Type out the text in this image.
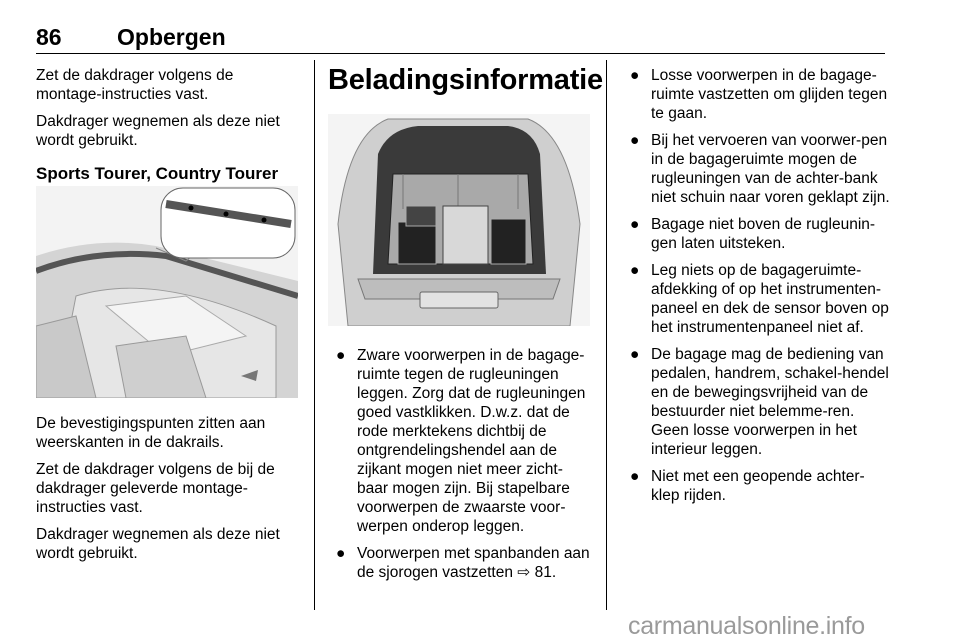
86 Opbergen

Zet de dakdrager volgens de montage-instructies vast.

Dakdrager wegnemen als deze niet wordt gebruikt.

Sports Tourer, Country Tourer

De bevestigingspunten zitten aan weerskanten in de dakrails.

Zet de dakdrager volgens de bij de dakdrager geleverde montage-instructies vast.

Dakdrager wegnemen als deze niet wordt gebruikt.

Beladingsinformatie
● Zware voorwerpen in de bagage-ruimte tegen de rugleuningen leggen. Zorg dat de rugleuningen goed vastklikken. D.w.z. dat de rode merktekens dichtbij de ontgrendelingshendel aan de zijkant mogen niet meer zicht-baar mogen zijn. Bij stapelbare voorwerpen de zwaarste voor-werpen onderop leggen.
● Voorwerpen met spanbanden aan de sjorogen vastzetten ⇨ 81.
● Losse voorwerpen in de bagage-ruimte vastzetten om glijden tegen te gaan.
● Bij het vervoeren van voorwer-pen in de bagageruimte mogen de rugleuningen van de achter-bank niet schuin naar voren geklapt zijn.
● Bagage niet boven de rugleunin-gen laten uitsteken.
● Leg niets op de bagageruimte-afdekking of op het instrumenten-paneel en dek de sensor boven op het instrumentenpaneel niet af.
● De bagage mag de bediening van pedalen, handrem, schakel-hendel en de bewegingsvrijheid van de bestuurder niet belemme-ren. Geen losse voorwerpen in het interieur leggen.
● Niet met een geopende achter-klep rijden.
carmanualsonline.info
